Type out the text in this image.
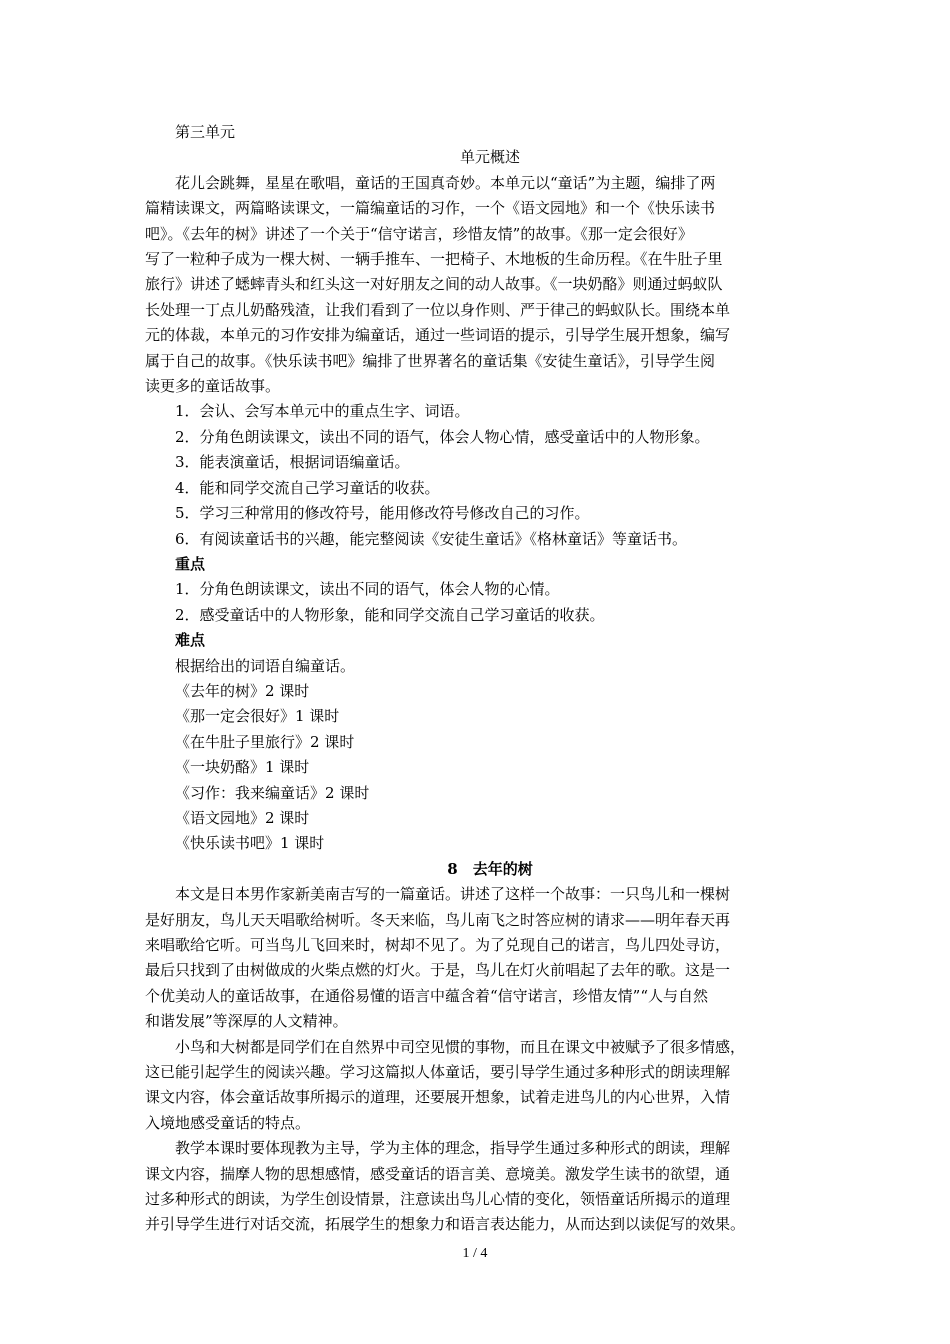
第三单元
单元概述
花儿会跳舞，星星在歌唱，童话的王国真奇妙。本单元以“童话”为主题，编排了两
篇精读课文，两篇略读课文，一篇编童话的习作，一个《语文园地》和一个《快乐读书
吧》。《去年的树》讲述了一个关于“信守诺言，珍惜友情”的故事。《那一定会很好》
写了一粒种子成为一棵大树、一辆手推车、一把椅子、木地板的生命历程。《在牛肚子里
旅行》讲述了蟋蟀青头和红头这一对好朋友之间的动人故事。《一块奶酪》则通过蚂蚁队
长处理一丁点儿奶酪残渣，让我们看到了一位以身作则、严于律己的蚂蚁队长。围绕本单
元的体裁，本单元的习作安排为编童话，通过一些词语的提示，引导学生展开想象，编写
属于自己的故事。《快乐读书吧》编排了世界著名的童话集《安徒生童话》，引导学生阅
读更多的童话故事。
1．会认、会写本单元中的重点生字、词语。
2．分角色朗读课文，读出不同的语气，体会人物心情，感受童话中的人物形象。
3．能表演童话，根据词语编童话。
4．能和同学交流自己学习童话的收获。
5．学习三种常用的修改符号，能用修改符号修改自己的习作。
6．有阅读童话书的兴趣，能完整阅读《安徒生童话》《格林童话》等童话书。
重点
1．分角色朗读课文，读出不同的语气，体会人物的心情。
2．感受童话中的人物形象，能和同学交流自己学习童话的收获。
难点
根据给出的词语自编童话。
《去年的树》2 课时
《那一定会很好》1 课时
《在牛肚子里旅行》2 课时
《一块奶酪》1 课时
《习作：我来编童话》2 课时
《语文园地》2 课时
《快乐读书吧》1 课时
8　去年的树
本文是日本男作家新美南吉写的一篇童话。讲述了这样一个故事：一只鸟儿和一棵树
是好朋友，鸟儿天天唱歌给树听。冬天来临，鸟儿南飞之时答应树的请求——明年春天再
来唱歌给它听。可当鸟儿飞回来时，树却不见了。为了兑现自己的诺言，鸟儿四处寻访，
最后只找到了由树做成的火柴点燃的灯火。于是，鸟儿在灯火前唱起了去年的歌。这是一
个优美动人的童话故事，在通俗易懂的语言中蕴含着“信守诺言，珍惜友情”“人与自然
和谐发展”等深厚的人文精神。
小鸟和大树都是同学们在自然界中司空见惯的事物，而且在课文中被赋予了很多情感，
这已能引起学生的阅读兴趣。学习这篇拟人体童话，要引导学生通过多种形式的朗读理解
课文内容，体会童话故事所揭示的道理，还要展开想象，试着走进鸟儿的内心世界，入情
入境地感受童话的特点。
教学本课时要体现教为主导，学为主体的理念，指导学生通过多种形式的朗读，理解
课文内容，揣摩人物的思想感情，感受童话的语言美、意境美。激发学生读书的欲望，通
过多种形式的朗读，为学生创设情景，注意读出鸟儿心情的变化，领悟童话所揭示的道理
并引导学生进行对话交流，拓展学生的想象力和语言表达能力，从而达到以读促写的效果。
1 / 4
